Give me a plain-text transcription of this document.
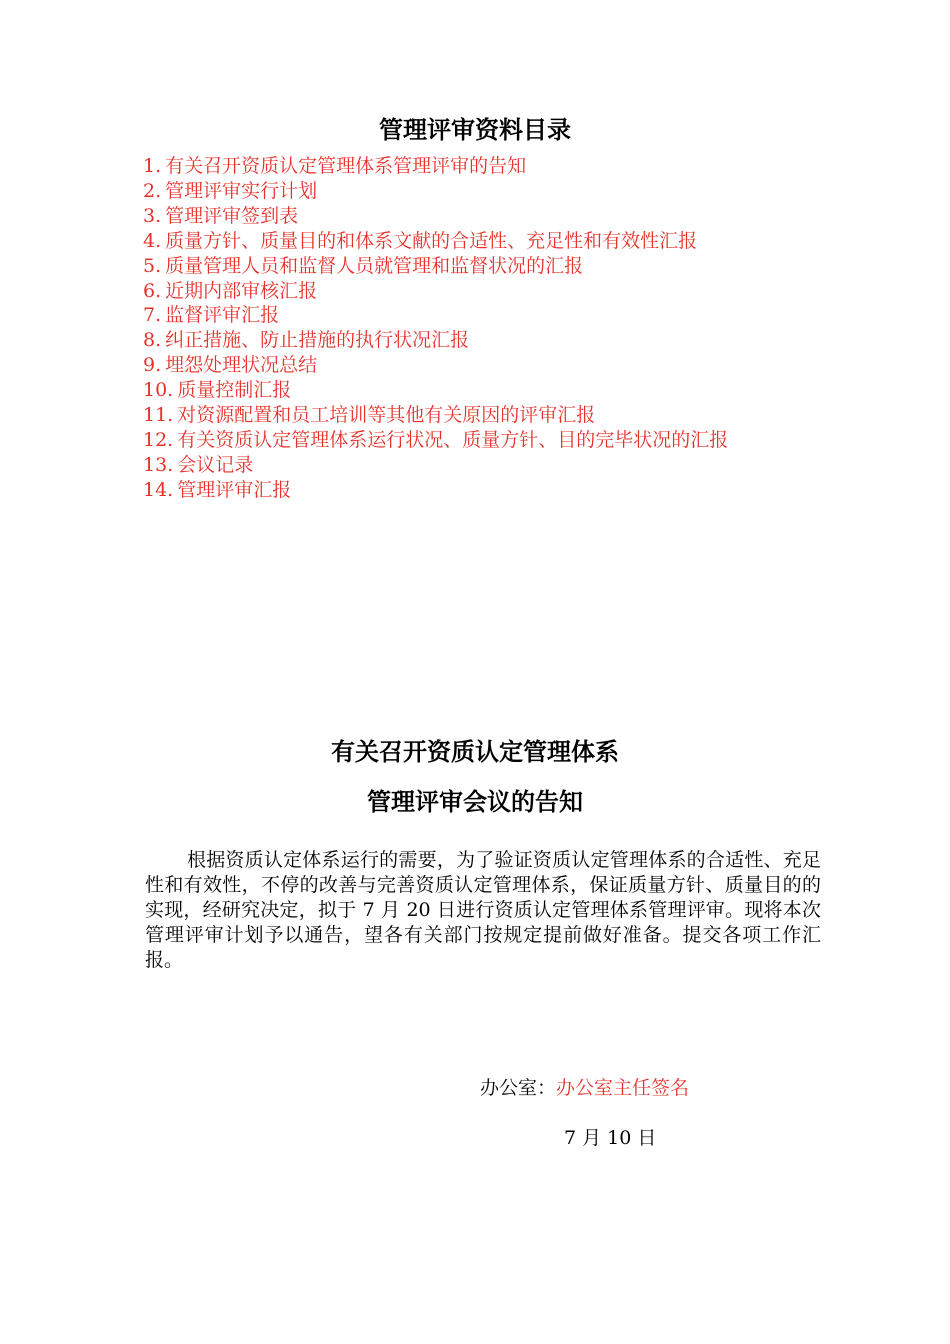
管理评审资料目录
1. 有关召开资质认定管理体系管理评审的告知
2. 管理评审实行计划
3. 管理评审签到表
4. 质量方针、质量目的和体系文献的合适性、充足性和有效性汇报
5. 质量管理人员和监督人员就管理和监督状况的汇报
6. 近期内部审核汇报
7. 监督评审汇报
8. 纠正措施、防止措施的执行状况汇报
9. 埋怨处理状况总结
10. 质量控制汇报
11. 对资源配置和员工培训等其他有关原因的评审汇报
12. 有关资质认定管理体系运行状况、质量方针、目的完毕状况的汇报
13. 会议记录
14. 管理评审汇报
有关召开资质认定管理体系
管理评审会议的告知

根据资质认定体系运行的需要，为了验证资质认定管理体系的合适性、充足性和有效性，不停的改善与完善资质认定管理体系，保证质量方针、质量目的的实现，经研究决定，拟于 7 月 20 日进行资质认定管理体系管理评审。现将本次管理评审计划予以通告，望各有关部门按规定提前做好准备。提交各项工作汇报。

办公室：办公室主任签名
7 月 10 日
